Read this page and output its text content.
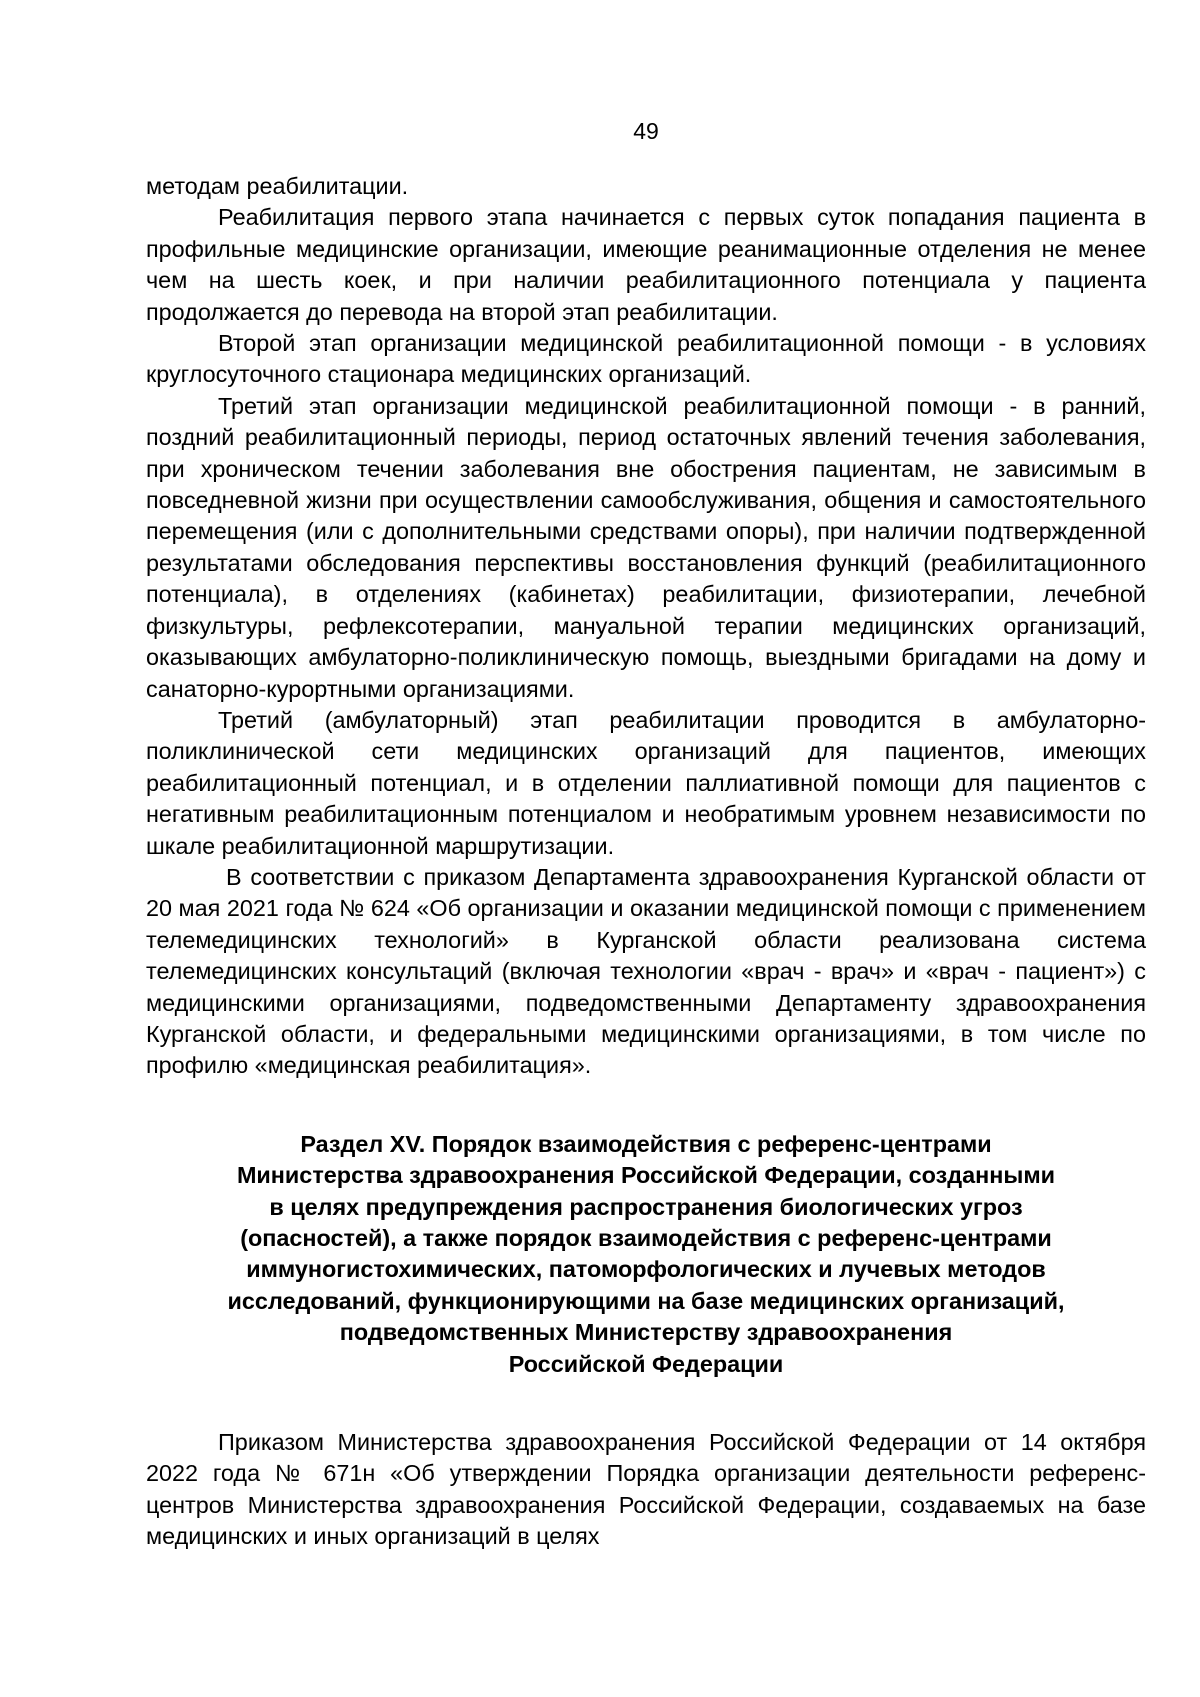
49

методам реабилитации.

Реабилитация первого этапа начинается с первых суток попадания пациента в профильные медицинские организации, имеющие реанимационные отделения не менее чем на шесть коек, и при наличии реабилитационного потенциала у пациента продолжается до перевода на второй этап реабилитации.

Второй этап организации медицинской реабилитационной помощи - в условиях круглосуточного стационара медицинских организаций.

Третий этап организации медицинской реабилитационной помощи - в ранний, поздний реабилитационный периоды, период остаточных явлений течения заболевания, при хроническом течении заболевания вне обострения пациентам, не зависимым в повседневной жизни при осуществлении самообслуживания, общения и самостоятельного перемещения (или с дополнительными средствами опоры), при наличии подтвержденной результатами обследования перспективы восстановления функций (реабилитационного потенциала), в отделениях (кабинетах) реабилитации, физиотерапии, лечебной физкультуры, рефлексотерапии, мануальной терапии медицинских организаций, оказывающих амбулаторно-поликлиническую помощь, выездными бригадами на дому и санаторно-курортными организациями.

Третий (амбулаторный) этап реабилитации проводится в амбулаторно-поликлинической сети медицинских организаций для пациентов, имеющих реабилитационный потенциал, и в отделении паллиативной помощи для пациентов с негативным реабилитационным потенциалом и необратимым уровнем независимости по шкале реабилитационной маршрутизации.

В соответствии с приказом Департамента здравоохранения Курганской области от 20 мая 2021 года № 624 «Об организации и оказании медицинской помощи с применением телемедицинских технологий» в Курганской области реализована система телемедицинских консультаций (включая технологии «врач - врач» и «врач - пациент») с медицинскими организациями, подведомственными Департаменту здравоохранения Курганской области, и федеральными медицинскими организациями, в том числе по профилю «медицинская реабилитация».

Раздел XV. Порядок взаимодействия с референс-центрами
Министерства здравоохранения Российской Федерации, созданными
в целях предупреждения распространения биологических угроз
(опасностей), а также порядок взаимодействия с референс-центрами
иммуногистохимических, патоморфологических и лучевых методов
исследований, функционирующими на базе медицинских организаций,
подведомственных Министерству здравоохранения
Российской Федерации

Приказом Министерства здравоохранения Российской Федерации от 14 октября 2022 года № 671н «Об утверждении Порядка организации деятельности референс-центров Министерства здравоохранения Российской Федерации, создаваемых на базе медицинских и иных организаций в целях
